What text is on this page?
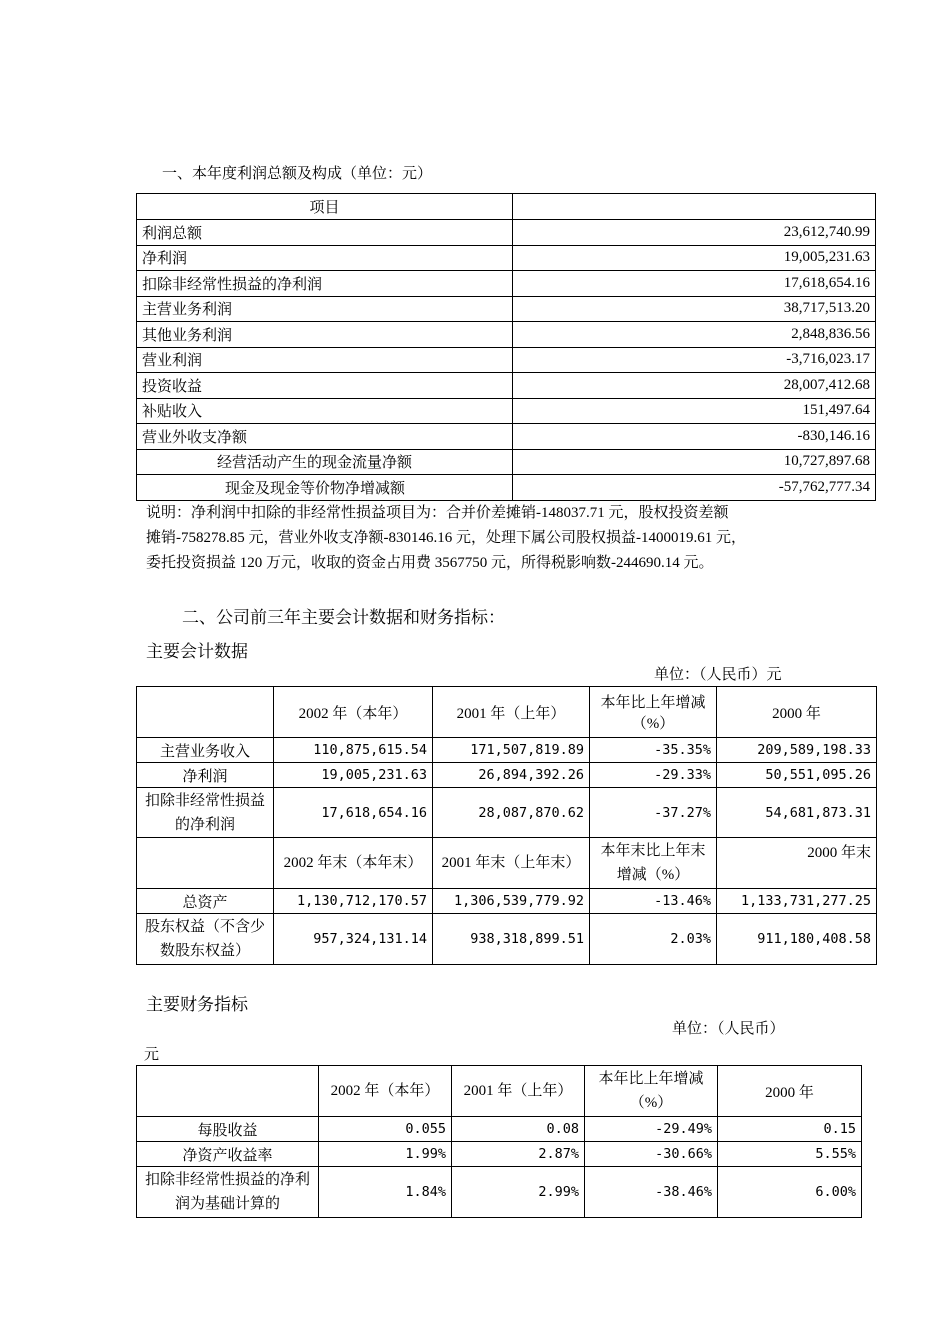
一、本年度利润总额及构成（单位：元）
项目	
利润总额	23,612,740.99
净利润	19,005,231.63
扣除非经常性损益的净利润	17,618,654.16
主营业务利润	38,717,513.20
其他业务利润	2,848,836.56
营业利润	-3,716,023.17
投资收益	28,007,412.68
补贴收入	151,497.64
营业外收支净额	-830,146.16
经营活动产生的现金流量净额	10,727,897.68
现金及现金等价物净增减额	-57,762,777.34
说明：净利润中扣除的非经常性损益项目为：合并价差摊销-148037.71 元，股权投资差额
摊销-758278.85 元，营业外收支净额-830146.16 元，处理下属公司股权损益-1400019.61 元，
委托投资损益 120 万元，收取的资金占用费 3567750 元，所得税影响数-244690.14 元。
二、公司前三年主要会计数据和财务指标：
主要会计数据
单位：（人民币）元
	2002 年（本年）	2001 年（上年）	本年比上年增减（%）	2000 年
主营业务收入	110,875,615.54	171,507,819.89	-35.35%	209,589,198.33
净利润	19,005,231.63	26,894,392.26	-29.33%	50,551,095.26
扣除非经常性损益的净利润	17,618,654.16	28,087,870.62	-37.27%	54,681,873.31
	2002 年末（本年末）	2001 年末（上年末）	本年末比上年末增减（%）	2000 年末
总资产	1,130,712,170.57	1,306,539,779.92	-13.46%	1,133,731,277.25
股东权益（不含少数股东权益）	957,324,131.14	938,318,899.51	2.03%	911,180,408.58
主要财务指标
单位：（人民币）
元
	2002 年（本年）	2001 年（上年）	本年比上年增减（%）	2000 年
每股收益	0.055	0.08	-29.49%	0.15
净资产收益率	1.99%	2.87%	-30.66%	5.55%
扣除非经常性损益的净利润为基础计算的	1.84%	2.99%	-38.46%	6.00%
